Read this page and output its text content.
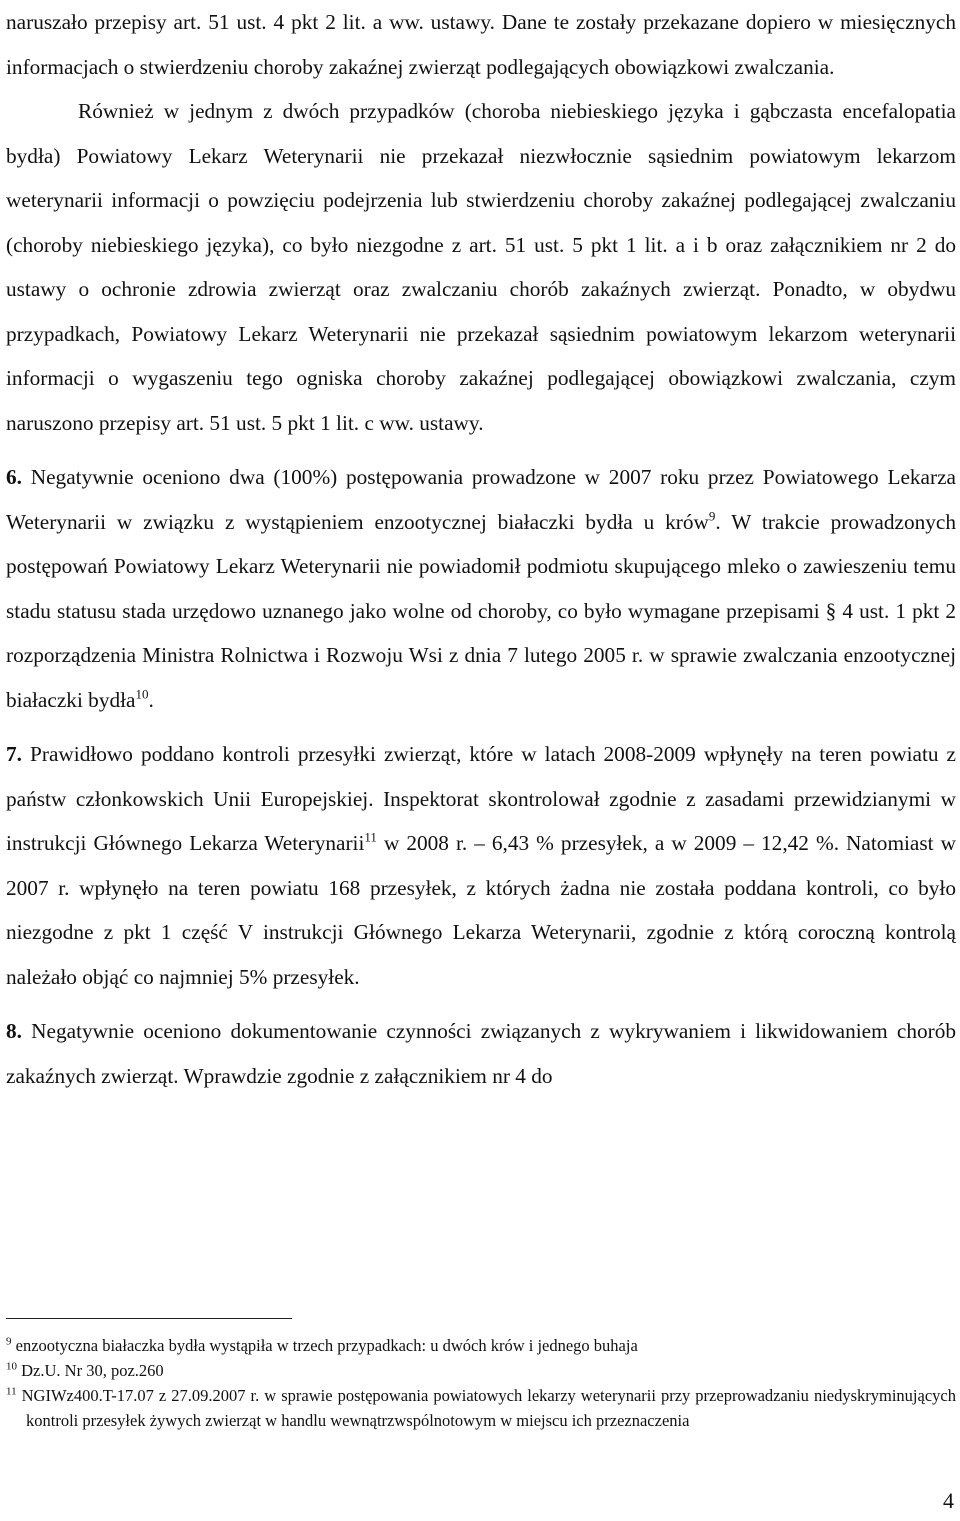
naruszało przepisy art. 51 ust. 4 pkt 2 lit. a ww. ustawy. Dane te zostały przekazane dopiero w miesięcznych informacjach o stwierdzeniu choroby zakaźnej zwierząt podlegających obowiązkowi zwalczania.

Również w jednym z dwóch przypadków (choroba niebieskiego języka i gąbczasta encefalopatia bydła) Powiatowy Lekarz Weterynarii nie przekazał niezwłocznie sąsiednim powiatowym lekarzom weterynarii informacji o powzięciu podejrzenia lub stwierdzeniu choroby zakaźnej podlegającej zwalczaniu (choroby niebieskiego języka), co było niezgodne z art. 51 ust. 5 pkt 1 lit. a i b oraz załącznikiem nr 2 do ustawy o ochronie zdrowia zwierząt oraz zwalczaniu chorób zakaźnych zwierząt. Ponadto, w obydwu przypadkach, Powiatowy Lekarz Weterynarii nie przekazał sąsiednim powiatowym lekarzom weterynarii informacji o wygaszeniu tego ogniska choroby zakaźnej podlegającej obowiązkowi zwalczania, czym naruszono przepisy art. 51 ust. 5 pkt 1 lit. c ww. ustawy.

6. Negatywnie oceniono dwa (100%) postępowania prowadzone w 2007 roku przez Powiatowego Lekarza Weterynarii w związku z wystąpieniem enzootycznej białaczki bydła u krów$^9$. W trakcie prowadzonych postępowań Powiatowy Lekarz Weterynarii nie powiadomił podmiotu skupującego mleko o zawieszeniu temu stadu statusu stada urzędowo uznanego jako wolne od choroby, co było wymagane przepisami § 4 ust. 1 pkt 2 rozporządzenia Ministra Rolnictwa i Rozwoju Wsi z dnia 7 lutego 2005 r. w sprawie zwalczania enzootycznej białaczki bydła$^{10}$.

7. Prawidłowo poddano kontroli przesyłki zwierząt, które w latach 2008-2009 wpłynęły na teren powiatu z państw członkowskich Unii Europejskiej. Inspektorat skontrolował zgodnie z zasadami przewidzianymi w instrukcji Głównego Lekarza Weterynarii$^{11}$ w 2008 r. – 6,43 % przesyłek, a w 2009 – 12,42 %. Natomiast w 2007 r. wpłynęło na teren powiatu 168 przesyłek, z których żadna nie została poddana kontroli, co było niezgodne z pkt 1 część V instrukcji Głównego Lekarza Weterynarii, zgodnie z którą coroczną kontrolą należało objąć co najmniej 5% przesyłek.

8. Negatywnie oceniono dokumentowanie czynności związanych z wykrywaniem i likwidowaniem chorób zakaźnych zwierząt. Wprawdzie zgodnie z załącznikiem nr 4 do

$^9$ enzootyczna białaczka bydła wystąpiła w trzech przypadkach: u dwóch krów i jednego buhaja

$^{10}$ Dz.U. Nr 30, poz.260

$^{11}$ NGIWz400.T-17.07 z 27.09.2007 r. w sprawie postępowania powiatowych lekarzy weterynarii przy przeprowadzaniu niedyskryminujących kontroli przesyłek żywych zwierząt w handlu wewnątrzwspólnotowym w miejscu ich przeznaczenia

4
